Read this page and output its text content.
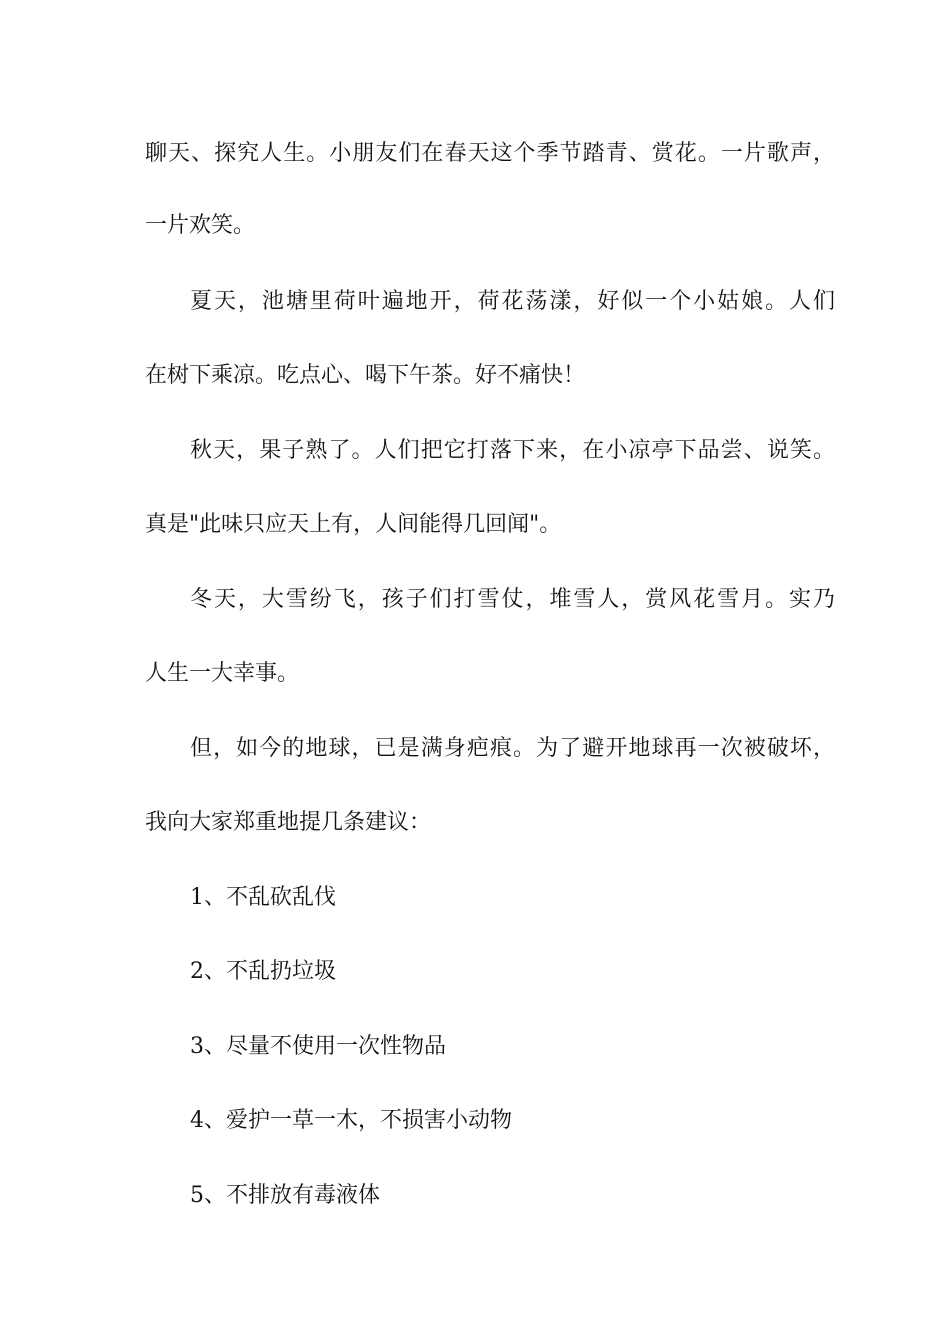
聊天、探究人生。小朋友们在春天这个季节踏青、赏花。一片歌声，
一片欢笑。
夏天，池塘里荷叶遍地开，荷花荡漾，好似一个小姑娘。人们
在树下乘凉。吃点心、喝下午茶。好不痛快！
秋天，果子熟了。人们把它打落下来，在小凉亭下品尝、说笑。
真是"此味只应天上有，人间能得几回闻"。
冬天，大雪纷飞，孩子们打雪仗，堆雪人，赏风花雪月。实乃
人生一大幸事。
但，如今的地球，已是满身疤痕。为了避开地球再一次被破坏，
我向大家郑重地提几条建议：
1、不乱砍乱伐
2、不乱扔垃圾
3、尽量不使用一次性物品
4、爱护一草一木，不损害小动物
5、不排放有毒液体
